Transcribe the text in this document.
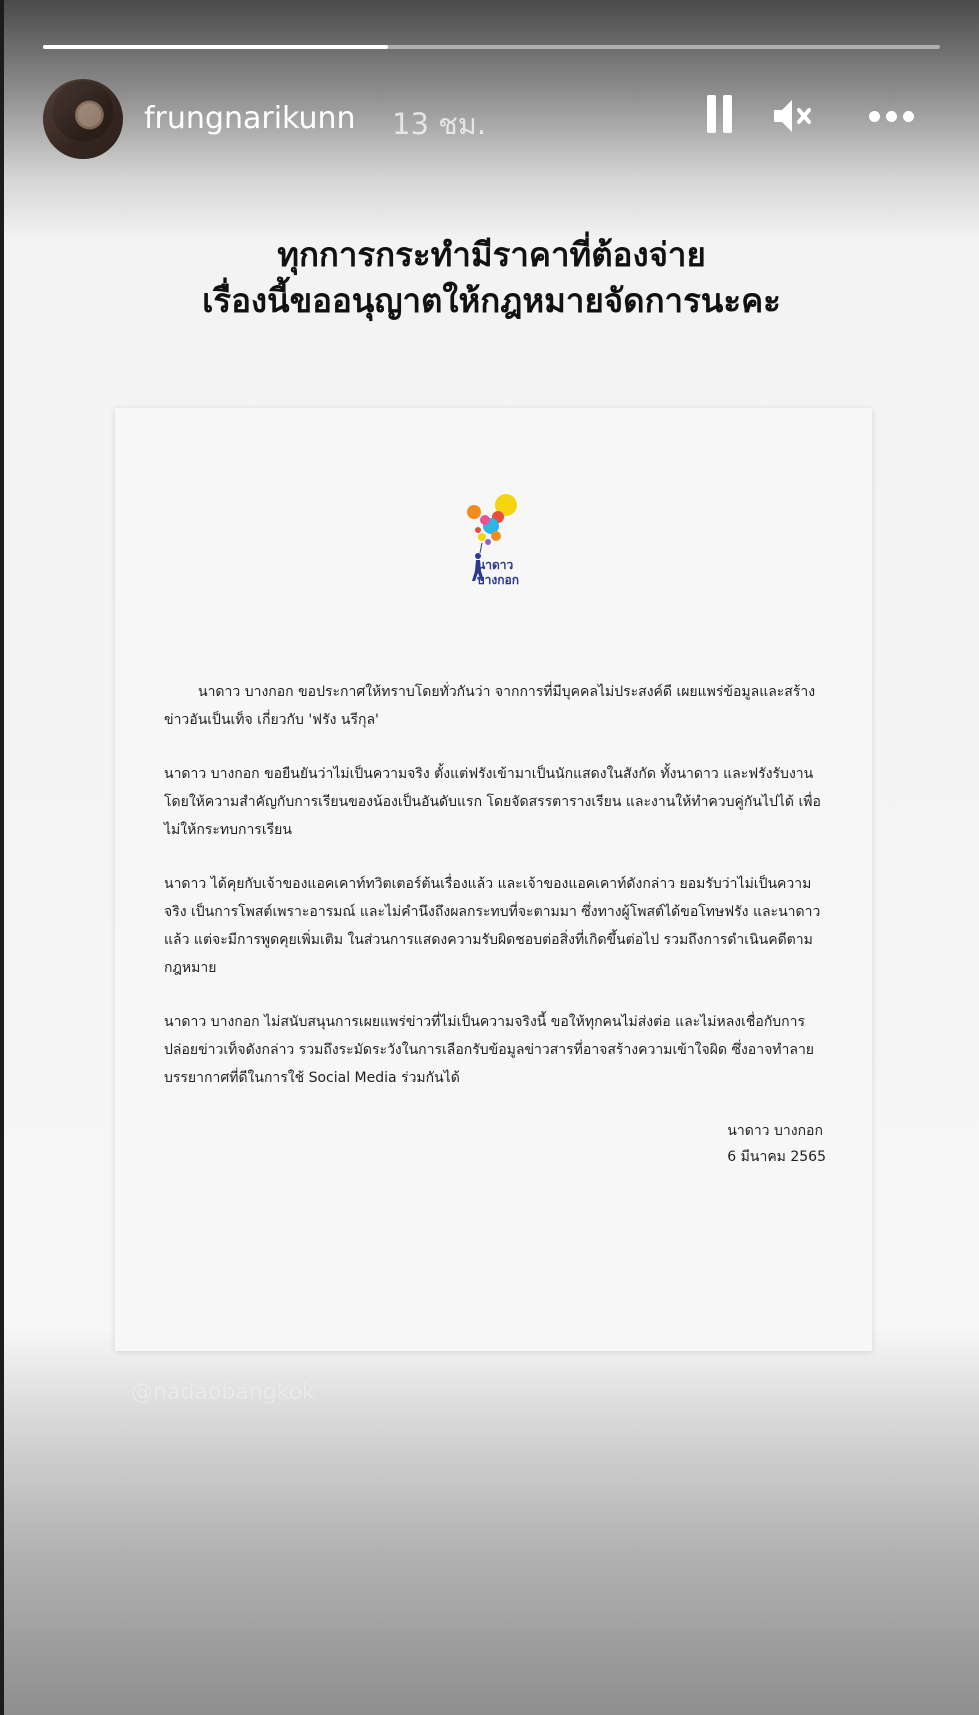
frungnarikunn 13 ชม.
ทุกการกระทำมีราคาที่ต้องจ่าย
เรื่องนี้ขออนุญาตให้กฎหมายจัดการนะคะ
นาดาว
บางกอก

นาดาว บางกอก ขอประกาศให้ทราบโดยทั่วกันว่า จากการที่มีบุคคลไม่ประสงค์ดี เผยแพร่ข้อมูลและสร้างข่าวอันเป็นเท็จ เกี่ยวกับ 'ฟรัง นรีกุล'

นาดาว บางกอก ขอยืนยันว่าไม่เป็นความจริง ตั้งแต่ฟรังเข้ามาเป็นนักแสดงในสังกัด ทั้งนาดาว และฟรังรับงานโดยให้ความสำคัญกับการเรียนของน้องเป็นอันดับแรก โดยจัดสรรตารางเรียน และงานให้ทำควบคู่กันไปได้ เพื่อไม่ให้กระทบการเรียน

นาดาว ได้คุยกับเจ้าของแอคเคาท์ทวิตเตอร์ต้นเรื่องแล้ว และเจ้าของแอคเคาท์ดังกล่าว ยอมรับว่าไม่เป็นความจริง เป็นการโพสต์เพราะอารมณ์ และไม่คำนึงถึงผลกระทบที่จะตามมา ซึ่งทางผู้โพสต์ได้ขอโทษฟรัง และนาดาวแล้ว แต่จะมีการพูดคุยเพิ่มเติม ในส่วนการแสดงความรับผิดชอบต่อสิ่งที่เกิดขึ้นต่อไป รวมถึงการดำเนินคดีตามกฎหมาย

นาดาว บางกอก ไม่สนับสนุนการเผยแพร่ข่าวที่ไม่เป็นความจริงนี้ ขอให้ทุกคนไม่ส่งต่อ และไม่หลงเชื่อกับการปล่อยข่าวเท็จดังกล่าว รวมถึงระมัดระวังในการเลือกรับข้อมูลข่าวสารที่อาจสร้างความเข้าใจผิด ซึ่งอาจทำลายบรรยากาศที่ดีในการใช้ Social Media ร่วมกันได้

นาดาว บางกอก
6 มีนาคม 2565
@nadaobangkok
